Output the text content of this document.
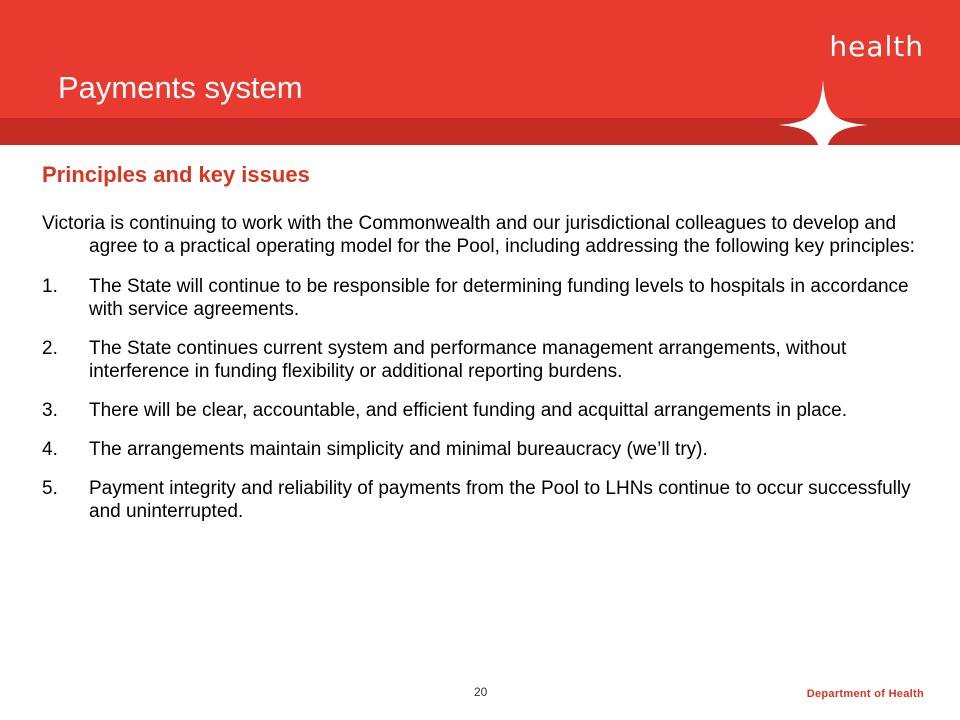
health
Payments system
Principles and key issues

Victoria is continuing to work with the Commonwealth and our jurisdictional colleagues to develop and agree to a practical operating model for the Pool, including addressing the following key principles:

1. The State will continue to be responsible for determining funding levels to hospitals in accordance with service agreements.
2. The State continues current system and performance management arrangements, without interference in funding flexibility or additional reporting burdens.
3. There will be clear, accountable, and efficient funding and acquittal arrangements in place.
4. The arrangements maintain simplicity and minimal bureaucracy (we’ll try).
5. Payment integrity and reliability of payments from the Pool to LHNs continue to occur successfully and uninterrupted.
20	Department of Health
